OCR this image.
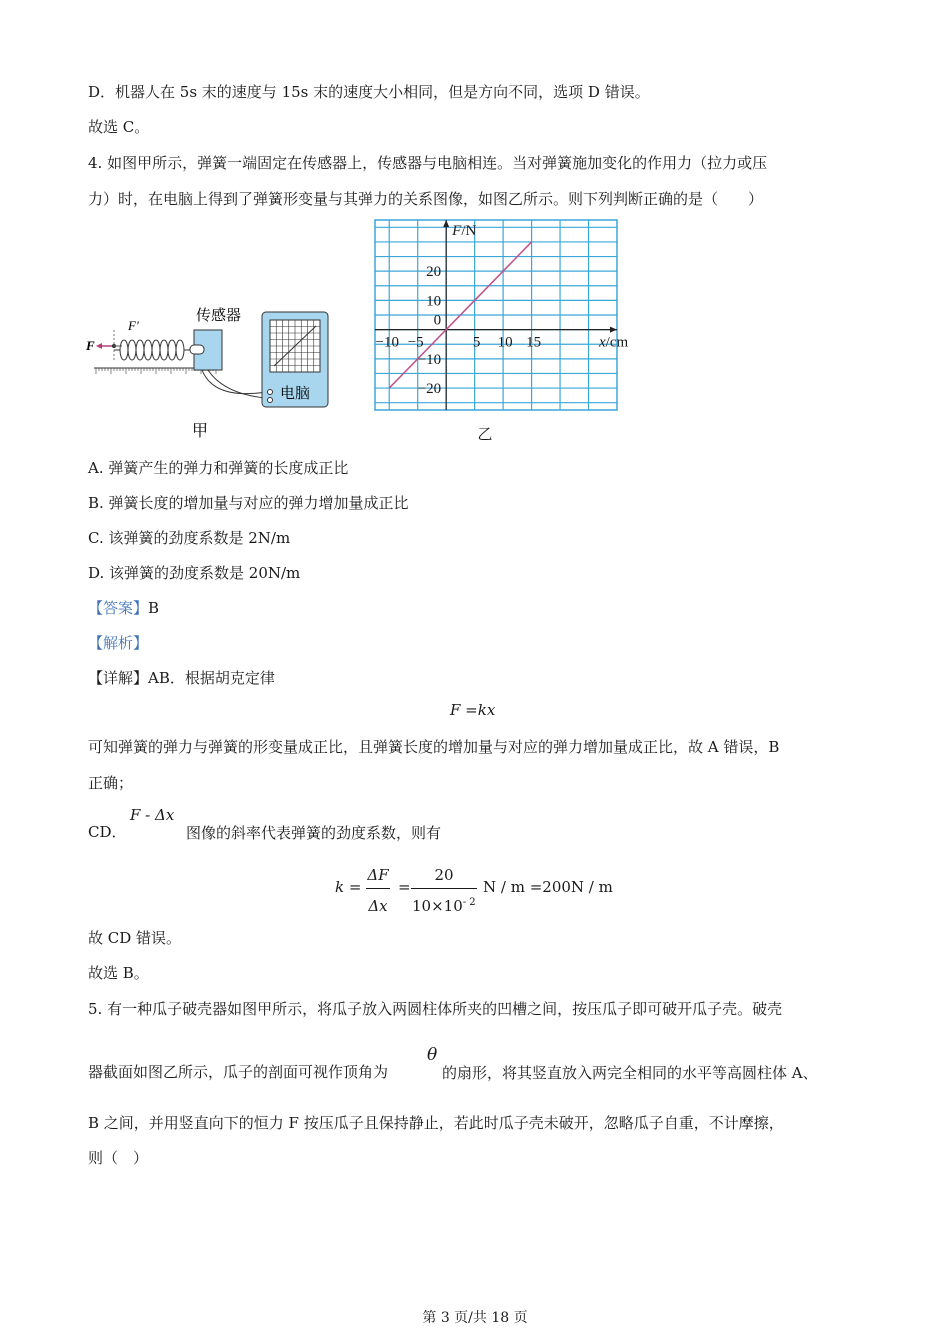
D．机器人在 5s 末的速度与 15s 末的速度大小相同，但是方向不同，选项 D 错误。
故选 C。
4. 如图甲所示，弹簧一端固定在传感器上，传感器与电脑相连。当对弹簧施加变化的作用力（拉力或压
力）时，在电脑上得到了弹簧形变量与其弹力的关系图像，如图乙所示。则下列判断正确的是（　　）
F
F′
传感器
电脑
甲
−10 −5	5 10 15
20
10
−10
−20
0
F/N
x/cm
乙
A. 弹簧产生的弹力和弹簧的长度成正比
B. 弹簧长度的增加量与对应的弹力增加量成正比
C. 该弹簧的劲度系数是 2N/m
D. 该弹簧的劲度系数是 20N/m
【答案】B
【解析】
【详解】AB．根据胡克定律
F =kx
可知弹簧的弹力与弹簧的形变量成正比，且弹簧长度的增加量与对应的弹力增加量成正比，故 A 错误，B
正确；
CD．
F - Δx
图像的斜率代表弹簧的劲度系数，则有
k =
ΔF
Δx
=
20
$10\times 10^{- 2}$
N / m =200N / m
故 CD 错误。
故选 B。
5. 有一种瓜子破壳器如图甲所示，将瓜子放入两圆柱体所夹的凹槽之间，按压瓜子即可破开瓜子壳。破壳
器截面如图乙所示，瓜子的剖面可视作顶角为
θ
的扇形，将其竖直放入两完全相同的水平等高圆柱体 A、
B 之间，并用竖直向下的恒力 F 按压瓜子且保持静止，若此时瓜子壳未破开，忽略瓜子自重，不计摩擦，
则（　）
第 3 页/共 18 页
